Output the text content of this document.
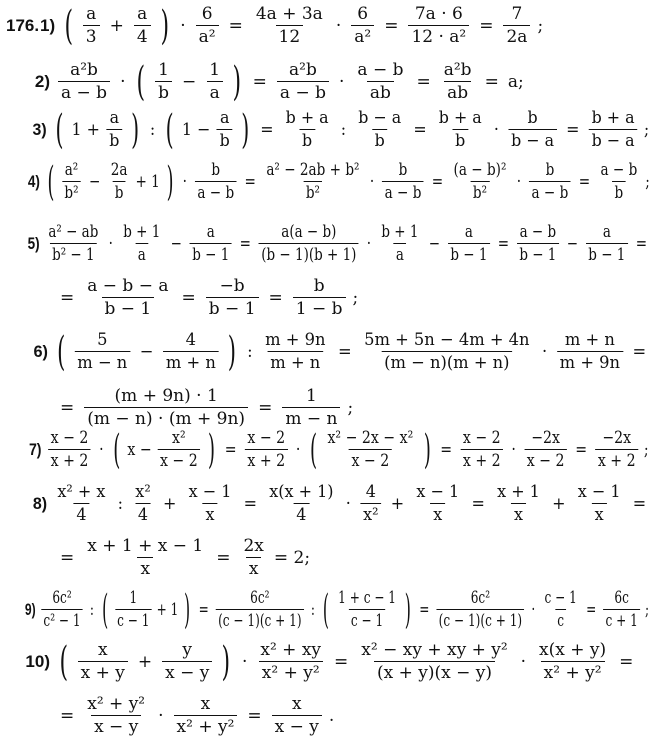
176. 1) ( $\frac{a}{3} + \frac{a}{4}$ ) · $\frac{6}{\text{a²}} = \frac{4a + 3a}{12} \cdot \frac{6}{\text{a²}} = \frac{7a \cdot 6}{\text{12 · a²}} = \frac{7}{2a}$ ;
$2) \frac{\text{a²b}}{a - b}$ · ( $\frac{1}{b} - \frac{1}{a}$ ) = $\frac{\text{a²b}}{a - b} \cdot \frac{a - b}{ab} = \frac{\text{a²b}}{ab} = a$;
3) ( $1 + \frac{a}{b}$ ) : ( $1 - \frac{a}{b}$ ) = $\frac{b + a}{b}$ : $\frac{b - a}{b} = \frac{b + a}{b} \cdot \frac{b}{b - a} = \frac{b + a}{b - a}$ ;
4) ( $\frac{\text{a²}}{\text{b²}} - \frac{2a}{b} + 1$ ) · $\frac{b}{a - b} = \frac{\text{a² − 2ab + b²}}{\text{b²}} \cdot \frac{b}{a - b} = \frac{\text{(a − b)²}}{\text{b²}} \cdot \frac{b}{a - b} = \frac{a - b}{b}$ ;
$5) \frac{\text{a² − ab}}{\text{b² − 1}} \cdot \frac{b + 1}{a} - \frac{a}{b - 1} = \frac{a(a - b)}{(b - 1)(b + 1)} \cdot \frac{b + 1}{a} - \frac{a}{b - 1} = \frac{a - b}{b - 1} - \frac{a}{b - 1}$ =
= $\frac{a - b - a}{b - 1} = \frac{-b}{b - 1} = \frac{b}{1 - b}$ ;
6) ( $\frac{5}{m - n} - \frac{4}{m + n}$ ) : $\frac{m + 9n}{m + n} = \frac{5m + 5n - 4m + 4n}{(m - n)(m + n)} \cdot \frac{m + n}{m + 9n}$ =
= $\frac{(m + 9n) \cdot 1}{(m - n) \cdot (m + 9n)} = \frac{1}{m - n}$ ;
$7) \frac{x - 2}{x + 2}$ · ( $x - \frac{\text{x²}}{x - 2}$ ) = $\frac{x - 2}{x + 2}$ · ( $\frac{\text{x² − 2x − x²}}{x - 2}$ ) = $\frac{x - 2}{x + 2} \cdot \frac{-2x}{x - 2} = \frac{-2x}{x + 2}$ ;
$8) \frac{\text{x² + x}}{4}$ : $\frac{\text{x²}}{4} + \frac{x - 1}{x} = \frac{x(x + 1)}{4} \cdot \frac{4}{\text{x²}} + \frac{x - 1}{x} = \frac{x + 1}{x} + \frac{x - 1}{x}$ =
= $\frac{x + 1 + x - 1}{x} = \frac{2x}{x} = 2$;
$9) \frac{\text{6c²}}{\text{c² − 1}}$ : ( $\frac{1}{c - 1} + 1$ ) = $\frac{\text{6c²}}{(c - 1)(c + 1)}$ : ( $\frac{1 + c - 1}{c - 1}$ ) = $\frac{\text{6c²}}{(c - 1)(c + 1)} \cdot \frac{c - 1}{c} = \frac{6c}{c + 1}$ ;
10) ( $\frac{x}{x + y} + \frac{y}{x - y}$ ) · $\frac{\text{x² + xy}}{\text{x² + y²}} = \frac{\text{x² − xy + xy + y²}}{(x + y)(x - y)} \cdot \frac{x(x + y)}{\text{x² + y²}}$ =
= $\frac{\text{x² + y²}}{x - y} \cdot \frac{x}{\text{x² + y²}} = \frac{x}{x - y}$ .
